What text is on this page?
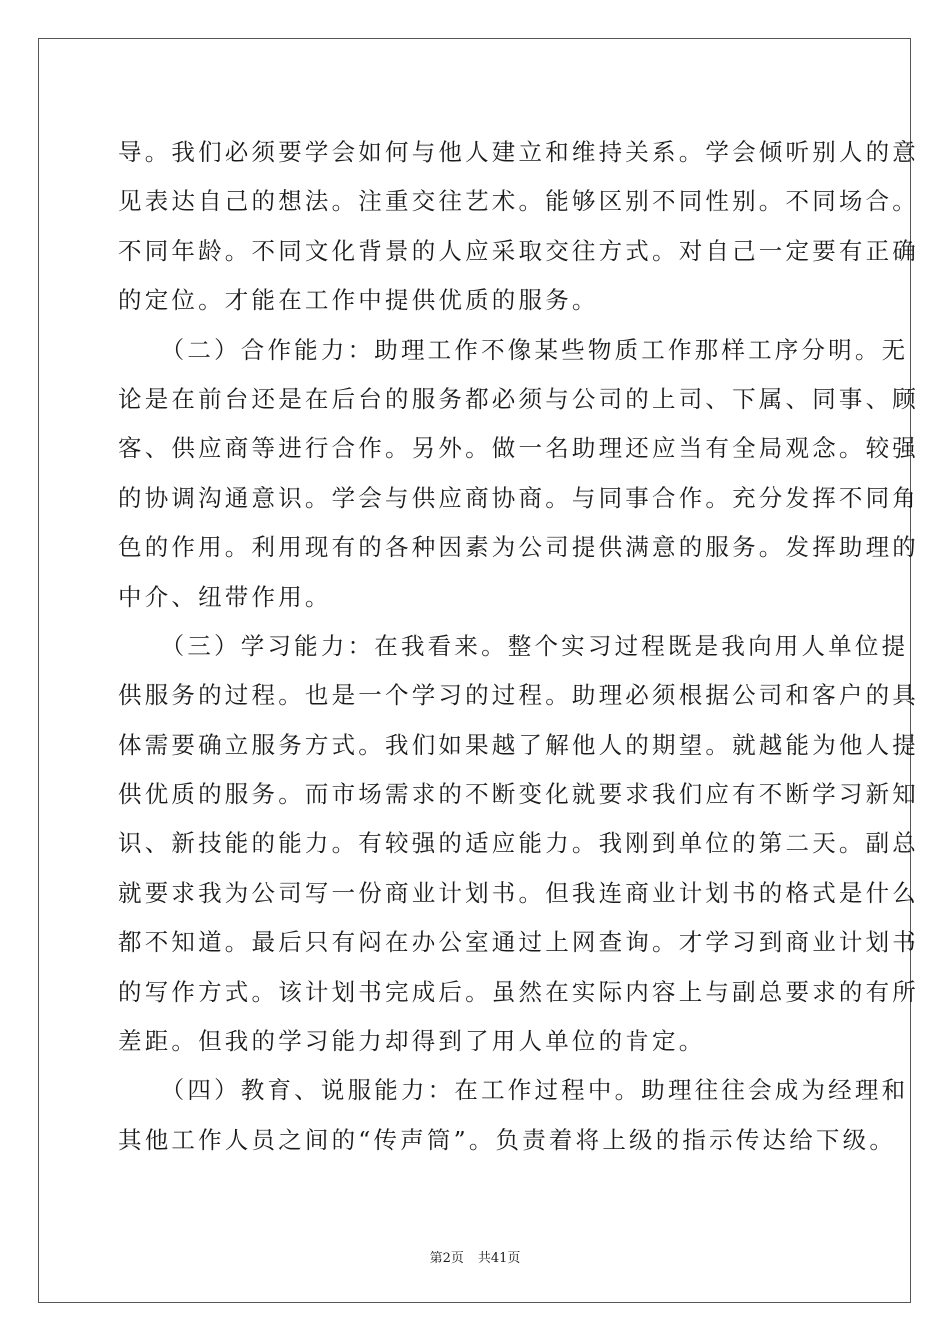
导。我们必须要学会如何与他人建立和维持关系。学会倾听别人的意
见表达自己的想法。注重交往艺术。能够区别不同性别。不同场合。
不同年龄。不同文化背景的人应采取交往方式。对自己一定要有正确
的定位。才能在工作中提供优质的服务。
（二）合作能力：助理工作不像某些物质工作那样工序分明。无
论是在前台还是在后台的服务都必须与公司的上司、下属、同事、顾
客、供应商等进行合作。另外。做一名助理还应当有全局观念。较强
的协调沟通意识。学会与供应商协商。与同事合作。充分发挥不同角
色的作用。利用现有的各种因素为公司提供满意的服务。发挥助理的
中介、纽带作用。
（三）学习能力：在我看来。整个实习过程既是我向用人单位提
供服务的过程。也是一个学习的过程。助理必须根据公司和客户的具
体需要确立服务方式。我们如果越了解他人的期望。就越能为他人提
供优质的服务。而市场需求的不断变化就要求我们应有不断学习新知
识、新技能的能力。有较强的适应能力。我刚到单位的第二天。副总
就要求我为公司写一份商业计划书。但我连商业计划书的格式是什么
都不知道。最后只有闷在办公室通过上网查询。才学习到商业计划书
的写作方式。该计划书完成后。虽然在实际内容上与副总要求的有所
差距。但我的学习能力却得到了用人单位的肯定。
（四）教育、说服能力：在工作过程中。助理往往会成为经理和
其他工作人员之间的“传声筒”。负责着将上级的指示传达给下级。
第2页 共41页
